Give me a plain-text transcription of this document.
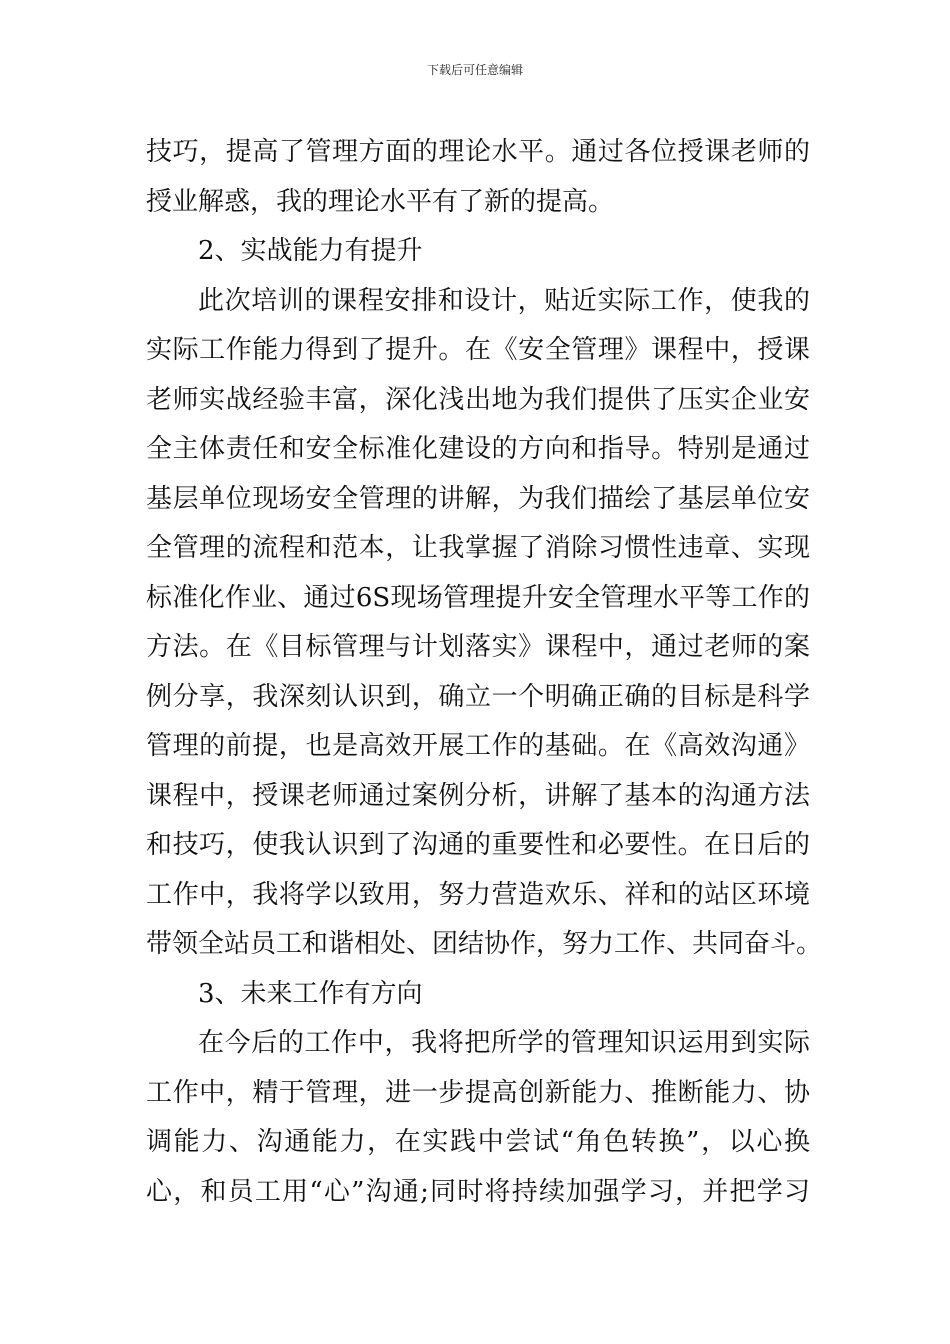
下载后可任意编辑
技巧，提高了管理方面的理论水平。通过各位授课老师的
授业解惑，我的理论水平有了新的提高。
2、实战能力有提升
此次培训的课程安排和设计，贴近实际工作，使我的
实际工作能力得到了提升。在《安全管理》课程中，授课
老师实战经验丰富，深化浅出地为我们提供了压实企业安
全主体责任和安全标准化建设的方向和指导。特别是通过
基层单位现场安全管理的讲解，为我们描绘了基层单位安
全管理的流程和范本，让我掌握了消除习惯性违章、实现
标准化作业、通过6S现场管理提升安全管理水平等工作的
方法。在《目标管理与计划落实》课程中，通过老师的案
例分享，我深刻认识到，确立一个明确正确的目标是科学
管理的前提，也是高效开展工作的基础。在《高效沟通》
课程中，授课老师通过案例分析，讲解了基本的沟通方法
和技巧，使我认识到了沟通的重要性和必要性。在日后的
工作中，我将学以致用，努力营造欢乐、祥和的站区环境
带领全站员工和谐相处、团结协作，努力工作、共同奋斗。
3、未来工作有方向
在今后的工作中，我将把所学的管理知识运用到实际
工作中，精于管理，进一步提高创新能力、推断能力、协
调能力、沟通能力，在实践中尝试“角色转换”，以心换
心，和员工用“心”沟通;同时将持续加强学习，并把学习
